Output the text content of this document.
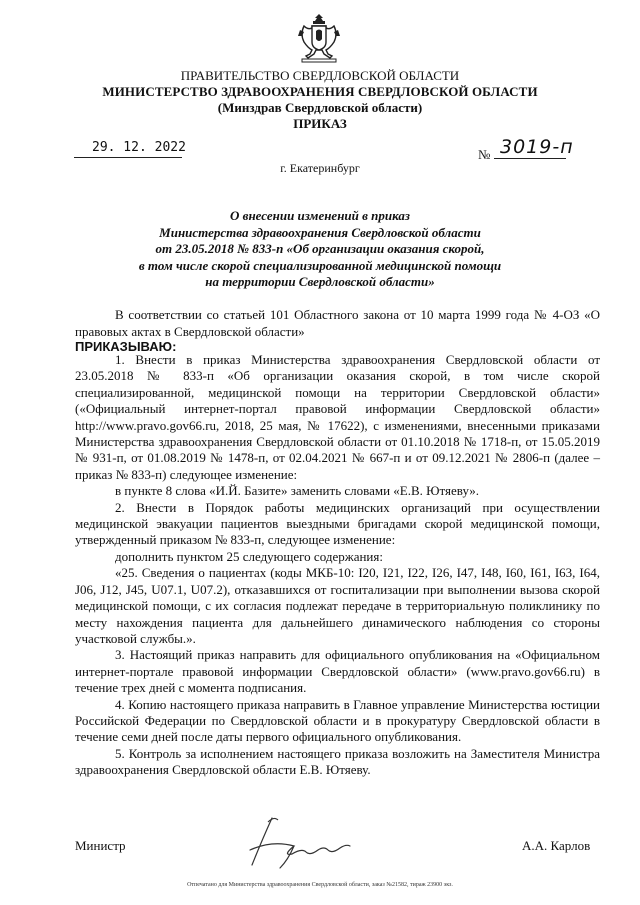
ПРАВИТЕЛЬСТВО СВЕРДЛОВСКОЙ ОБЛАСТИ
МИНИСТЕРСТВО ЗДРАВООХРАНЕНИЯ СВЕРДЛОВСКОЙ ОБЛАСТИ
(Минздрав Свердловской области)
ПРИКАЗ
29. 12. 2022	№ 3019-п
г. Екатеринбург
О внесении изменений в приказ
Министерства здравоохранения Свердловской области
от 23.05.2018 № 833-п «Об организации оказания скорой,
в том числе скорой специализированной медицинской помощи
на территории Свердловской области»
В соответствии со статьей 101 Областного закона от 10 марта 1999 года № 4-ОЗ «О правовых актах в Свердловской области»
ПРИКАЗЫВАЮ:

1. Внести в приказ Министерства здравоохранения Свердловской области от 23.05.2018 № 833-п «Об организации оказания скорой, в том числе скорой специализированной, медицинской помощи на территории Свердловской области» («Официальный интернет-портал правовой информации Свердловской области» http://www.pravo.gov66.ru, 2018, 25 мая, № 17622), с изменениями, внесенными приказами Министерства здравоохранения Свердловской области от 01.10.2018 № 1718-п, от 15.05.2019 № 931-п, от 01.08.2019 № 1478-п, от 02.04.2021 № 667-п и от 09.12.2021 № 2806-п (далее – приказ № 833-п) следующее изменение:

в пункте 8 слова «И.Й. Базите» заменить словами «Е.В. Ютяеву».

2. Внести в Порядок работы медицинских организаций при осуществлении медицинской эвакуации пациентов выездными бригадами скорой медицинской помощи, утвержденный приказом № 833-п, следующее изменение:

дополнить пунктом 25 следующего содержания:

«25. Сведения о пациентах (коды МКБ-10: I20, I21, I22, I26, I47, I48, I60, I61, I63, I64, J06, J12, J45, U07.1, U07.2), отказавшихся от госпитализации при выполнении вызова скорой медицинской помощи, с их согласия подлежат передаче в территориальную поликлинику по месту нахождения пациента для дальнейшего динамического наблюдения со стороны участковой службы.».

3. Настоящий приказ направить для официального опубликования на «Официальном интернет-портале правовой информации Свердловской области» (www.pravo.gov66.ru) в течение трех дней с момента подписания.

4. Копию настоящего приказа направить в Главное управление Министерства юстиции Российской Федерации по Свердловской области и в прокуратуру Свердловской области в течение семи дней после даты первого официального опубликования.

5. Контроль за исполнением настоящего приказа возложить на Заместителя Министра здравоохранения Свердловской области Е.В. Ютяеву.

Министр	А.А. Карлов
Отпечатано для Министерства здравоохранения Свердловской области, заказ №21582, тираж 23900 экз.
